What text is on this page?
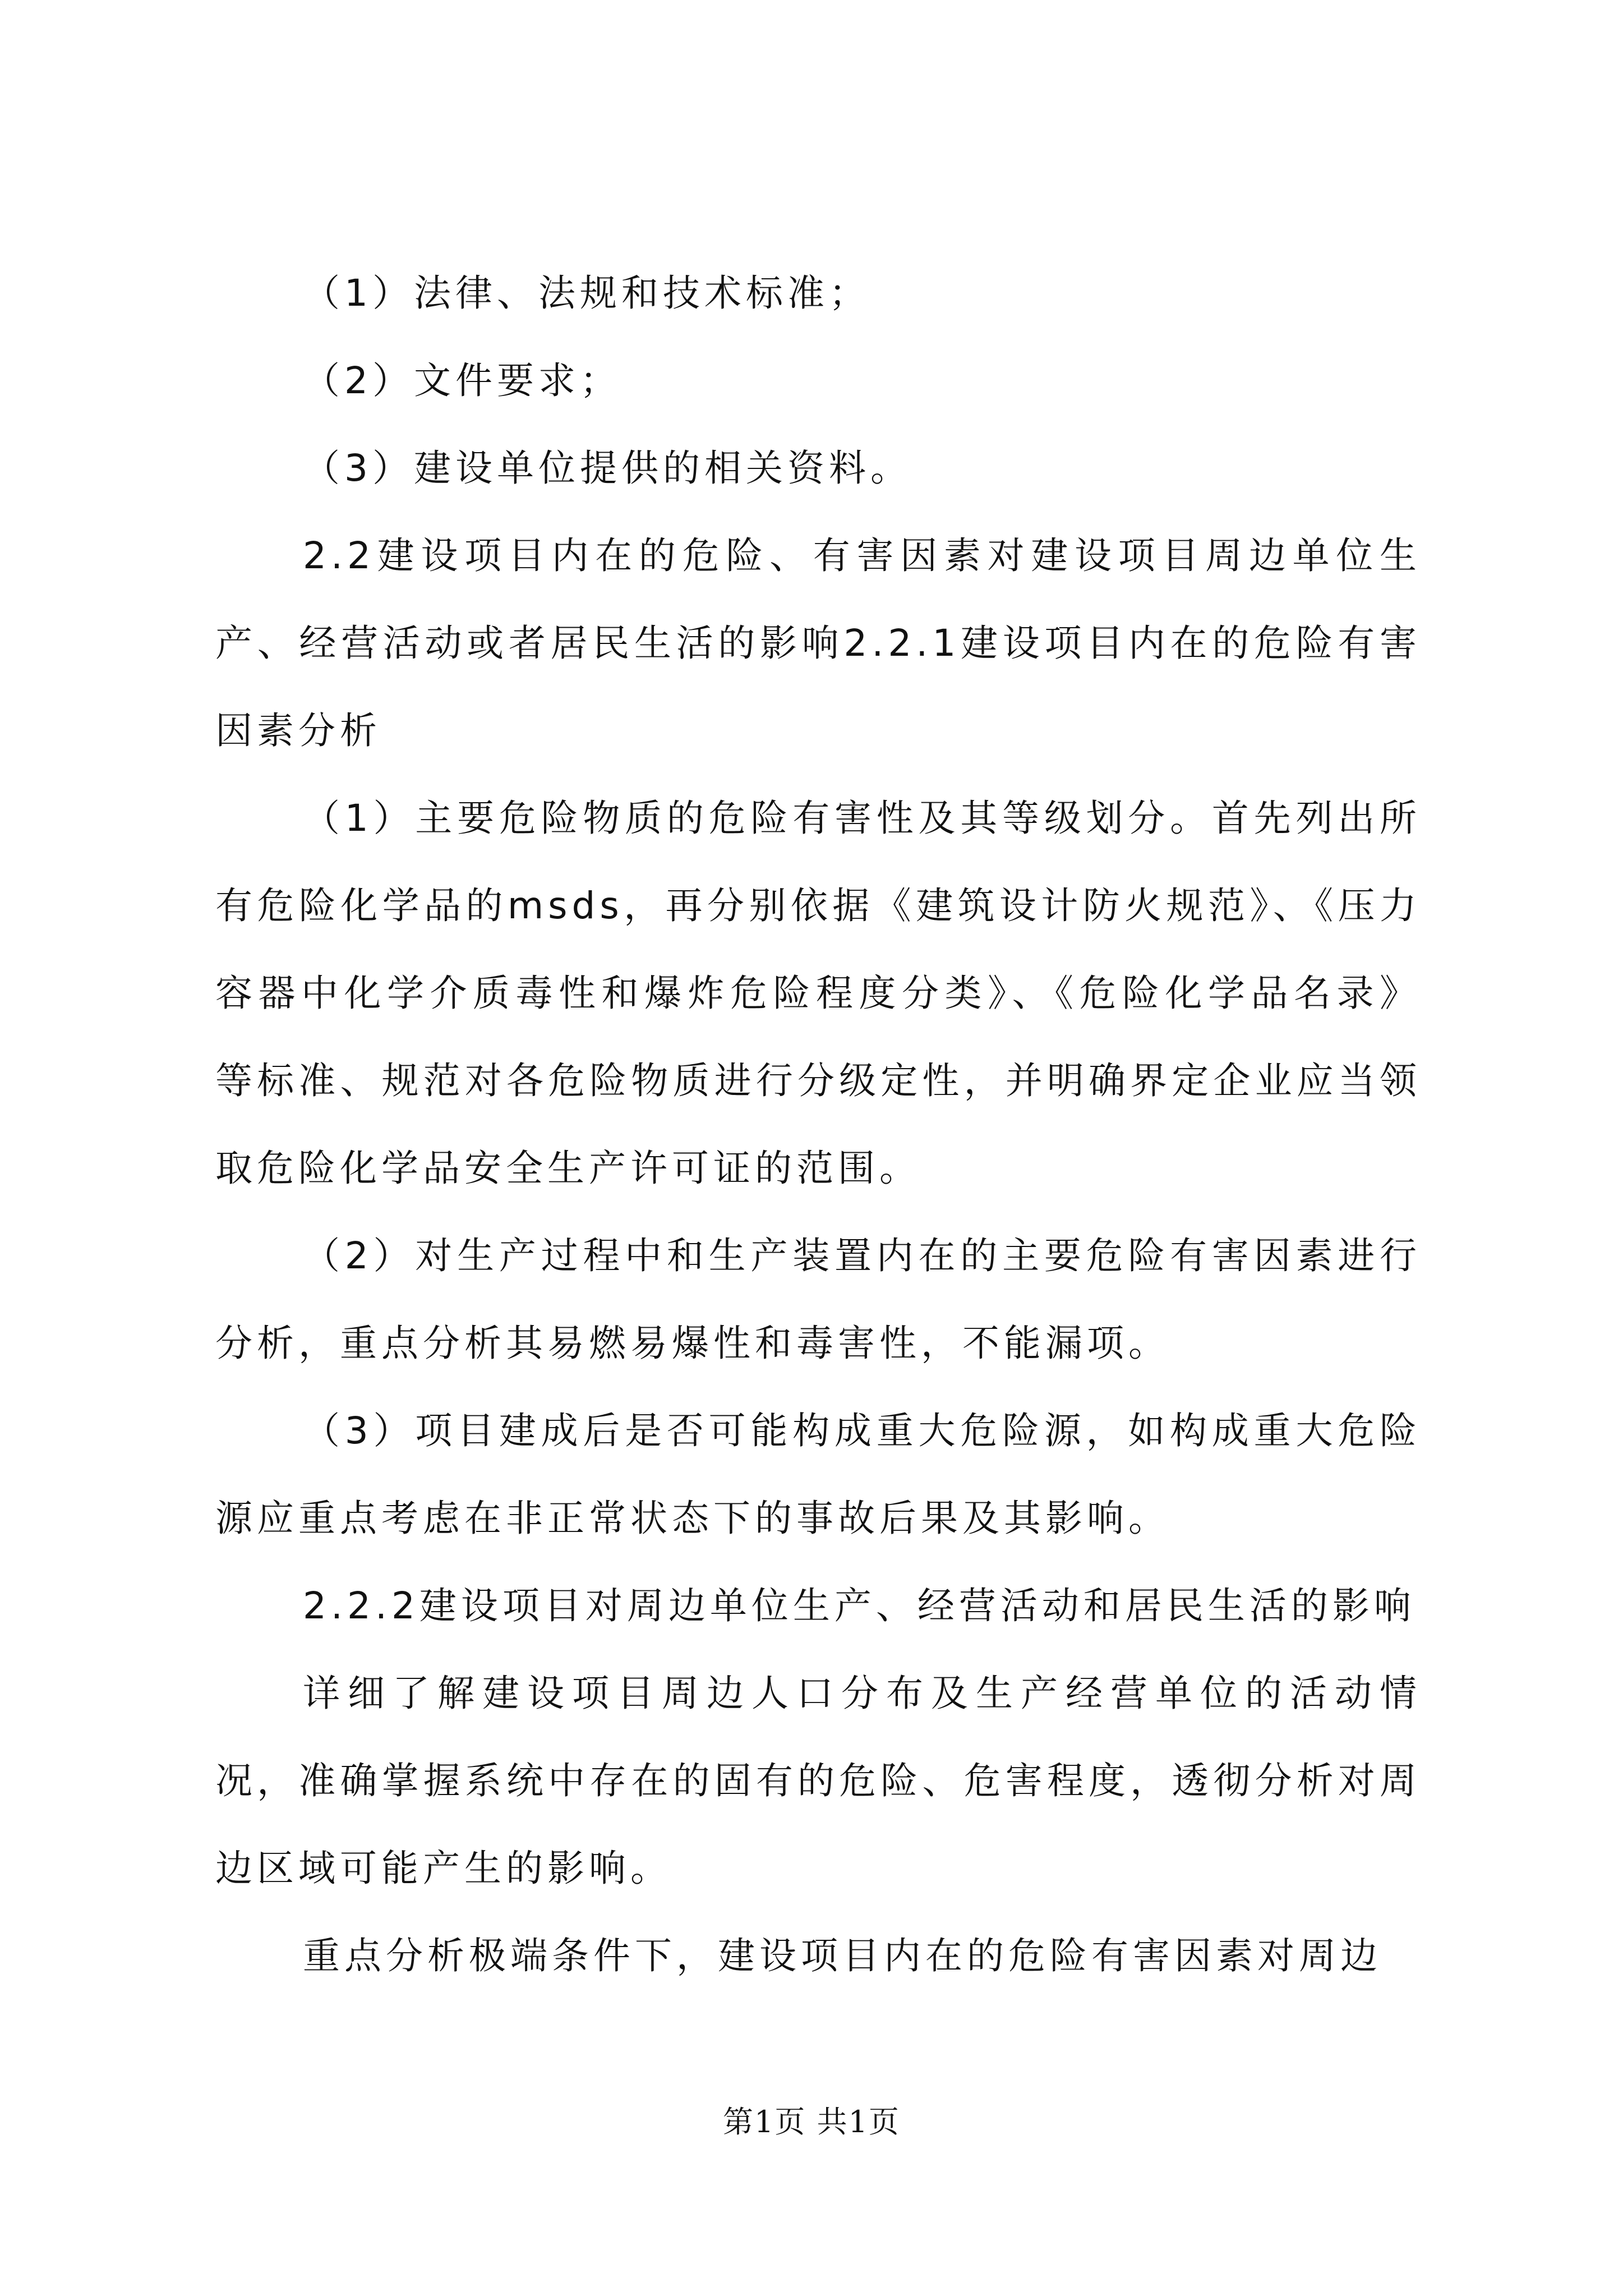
（1）法律、法规和技术标准；

（2）文件要求；

（3）建设单位提供的相关资料。

2.2建设项目内在的危险、有害因素对建设项目周边单位生产、经营活动或者居民生活的影响2.2.1建设项目内在的危险有害因素分析

（1）主要危险物质的危险有害性及其等级划分。首先列出所有危险化学品的msds，再分别依据《建筑设计防火规范》、《压力容器中化学介质毒性和爆炸危险程度分类》、《危险化学品名录》等标准、规范对各危险物质进行分级定性，并明确界定企业应当领取危险化学品安全生产许可证的范围。

（2）对生产过程中和生产装置内在的主要危险有害因素进行分析，重点分析其易燃易爆性和毒害性，不能漏项。

（3）项目建成后是否可能构成重大危险源，如构成重大危险源应重点考虑在非正常状态下的事故后果及其影响。

2.2.2建设项目对周边单位生产、经营活动和居民生活的影响

详细了解建设项目周边人口分布及生产经营单位的活动情况，准确掌握系统中存在的固有的危险、危害程度，透彻分析对周边区域可能产生的影响。

重点分析极端条件下，建设项目内在的危险有害因素对周边

第1页 共1页
